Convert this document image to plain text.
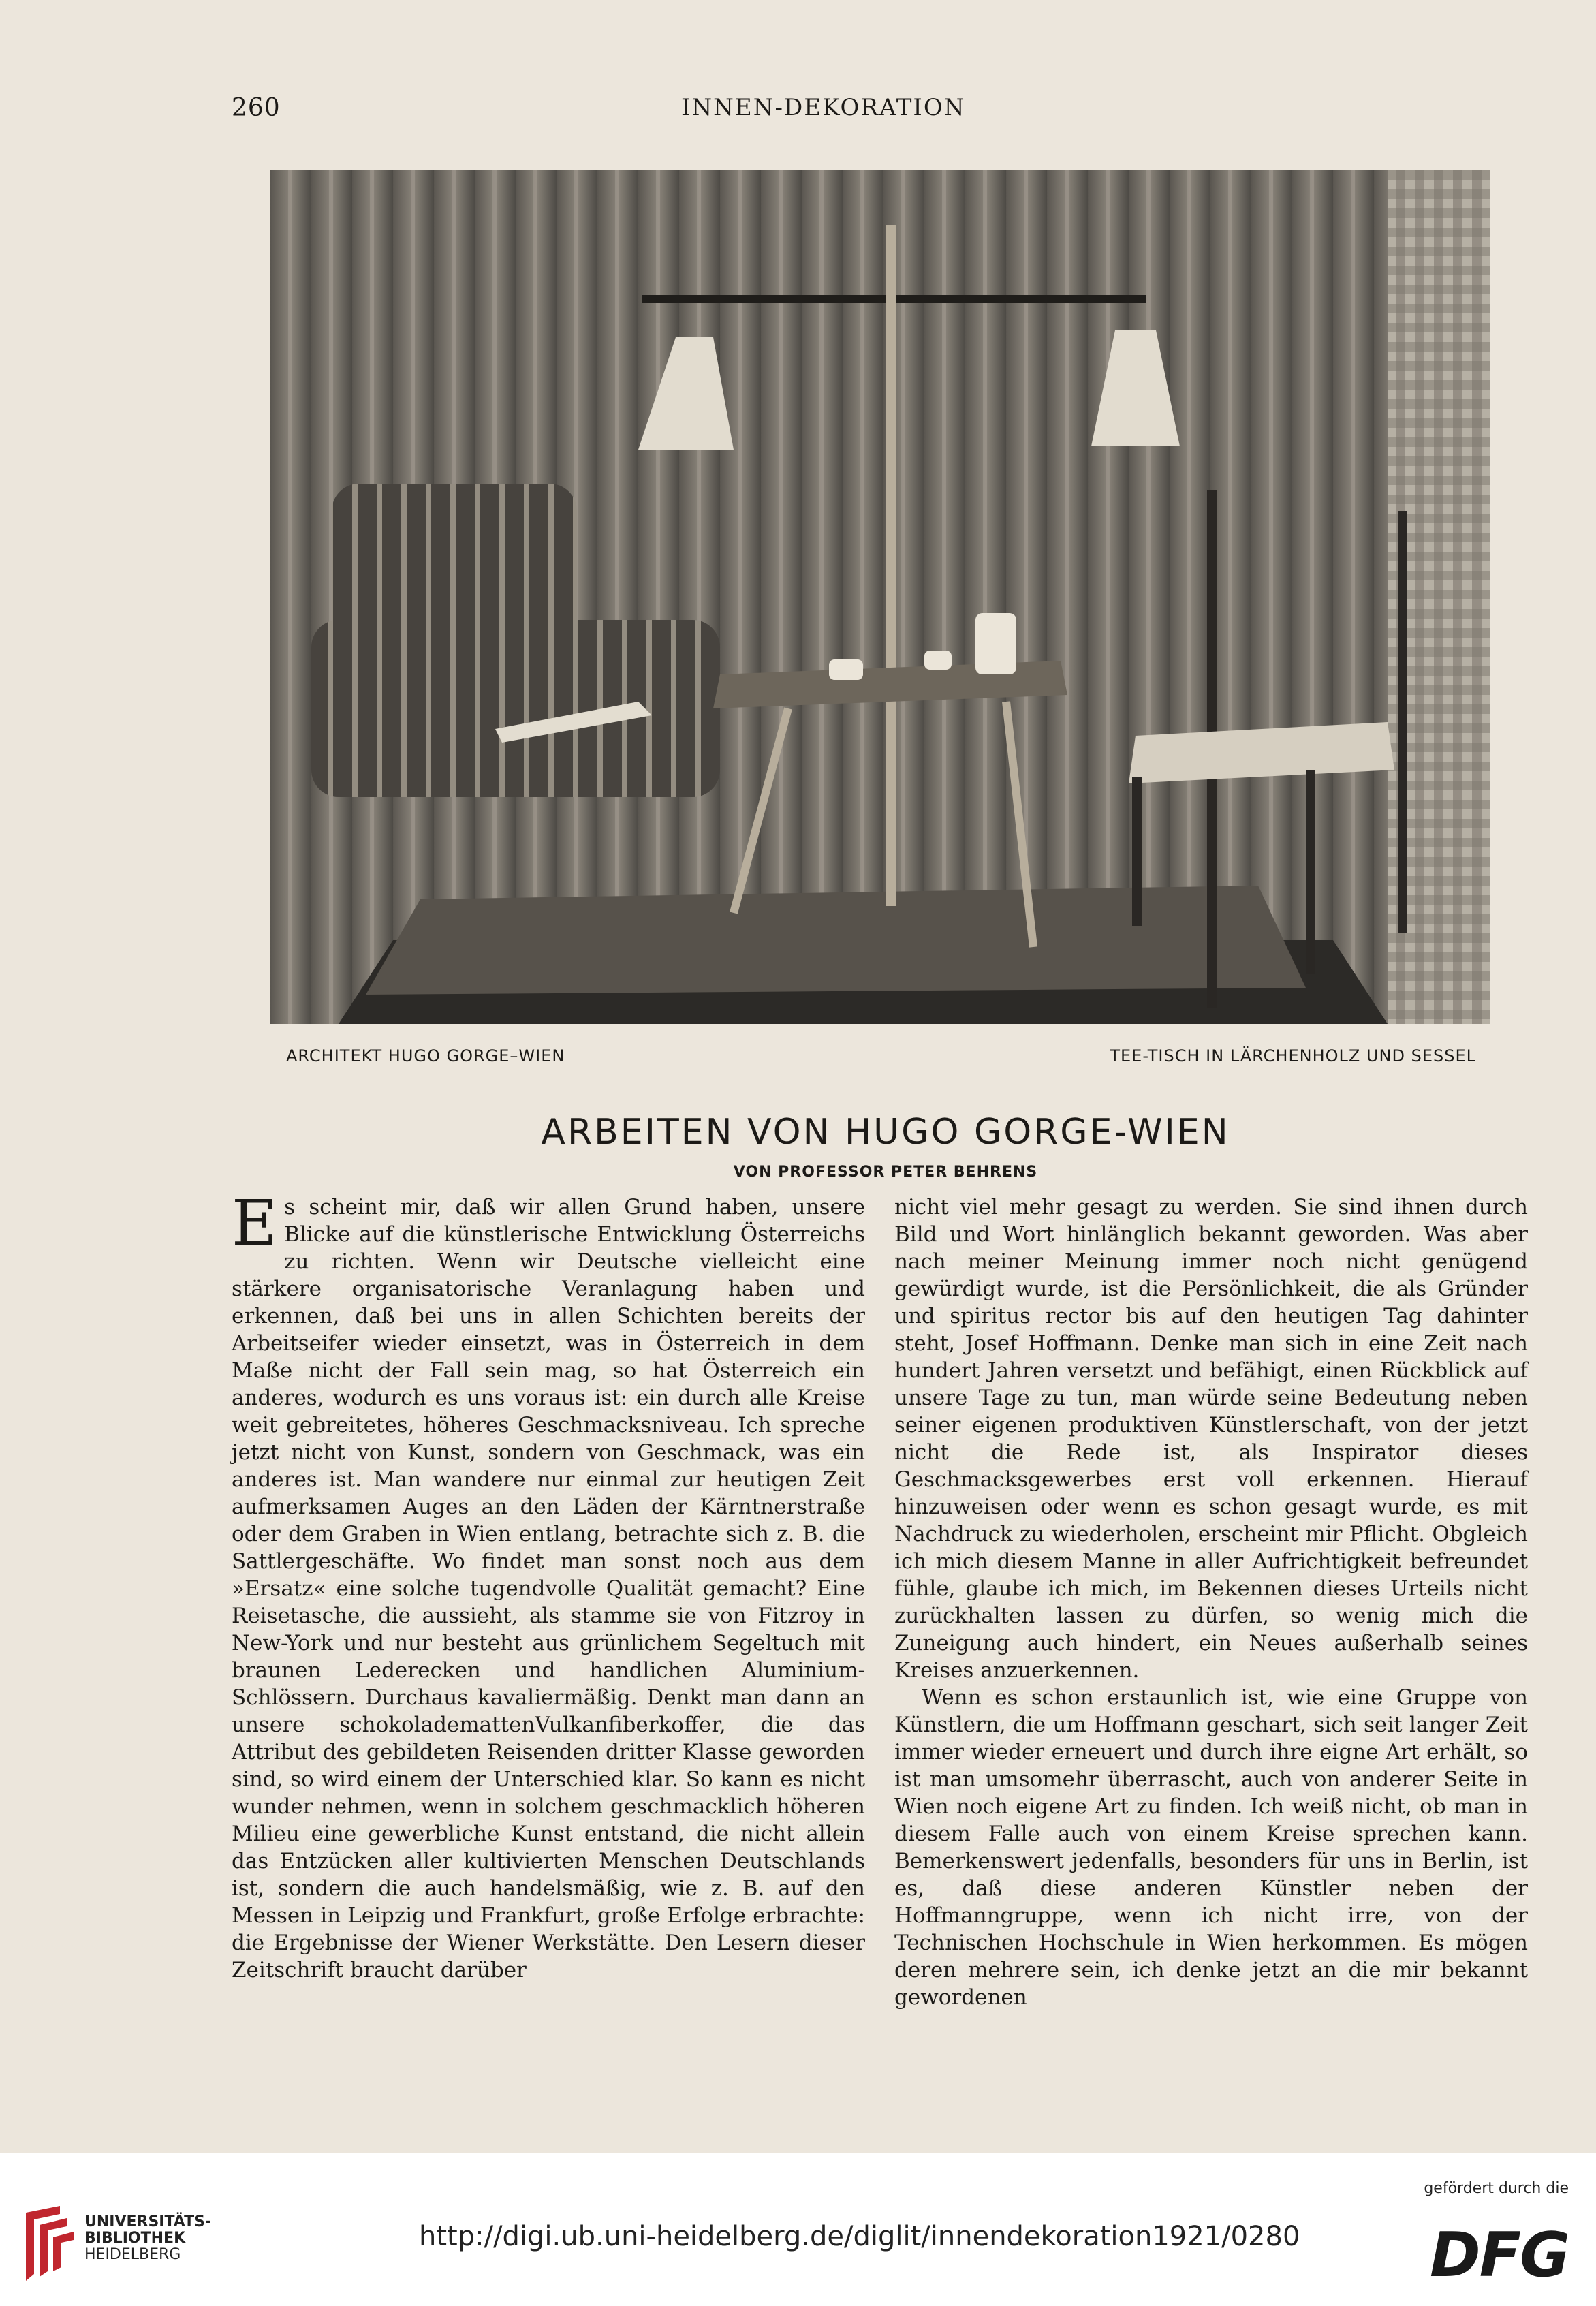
260	INNEN-DEKORATION
ARCHITEKT HUGO GORGE–WIEN	TEE-TISCH IN LÄRCHENHOLZ UND SESSEL
ARBEITEN VON HUGO GORGE-WIEN
VON PROFESSOR PETER BEHRENS

Es scheint mir, daß wir allen Grund haben, unsere Blicke auf die künstlerische Entwicklung Österreichs zu richten. Wenn wir Deutsche vielleicht eine stärkere organisatorische Veranlagung haben und erkennen, daß bei uns in allen Schichten bereits der Arbeitseifer wieder einsetzt, was in Österreich in dem Maße nicht der Fall sein mag, so hat Österreich ein anderes, wodurch es uns voraus ist: ein durch alle Kreise weit gebreitetes, höheres Geschmacksniveau. Ich spreche jetzt nicht von Kunst, sondern von Geschmack, was ein anderes ist. Man wandere nur einmal zur heutigen Zeit aufmerksamen Auges an den Läden der Kärntnerstraße oder dem Graben in Wien entlang, betrachte sich z. B. die Sattlergeschäfte. Wo findet man sonst noch aus dem »Ersatz« eine solche tugendvolle Qualität gemacht? Eine Reisetasche, die aussieht, als stamme sie von Fitzroy in New-York und nur besteht aus grünlichem Segeltuch mit braunen Lederecken und handlichen Aluminium-Schlössern. Durchaus kavaliermäßig. Denkt man dann an unsere schokolademattenVulkanfiberkoffer, die das Attribut des gebildeten Reisenden dritter Klasse geworden sind, so wird einem der Unterschied klar. So kann es nicht wunder nehmen, wenn in solchem geschmacklich höheren Milieu eine gewerbliche Kunst entstand, die nicht allein das Entzücken aller kultivierten Menschen Deutschlands ist, sondern die auch handelsmäßig, wie z. B. auf den Messen in Leipzig und Frankfurt, große Erfolge erbrachte: die Ergebnisse der Wiener Werkstätte. Den Lesern dieser Zeitschrift braucht darüber

nicht viel mehr gesagt zu werden. Sie sind ihnen durch Bild und Wort hinlänglich bekannt geworden. Was aber nach meiner Meinung immer noch nicht genügend gewürdigt wurde, ist die Persönlichkeit, die als Gründer und spiritus rector bis auf den heutigen Tag dahinter steht, Josef Hoffmann. Denke man sich in eine Zeit nach hundert Jahren versetzt und befähigt, einen Rückblick auf unsere Tage zu tun, man würde seine Bedeutung neben seiner eigenen produktiven Künstlerschaft, von der jetzt nicht die Rede ist, als Inspirator dieses Geschmacksgewerbes erst voll erkennen. Hierauf hinzuweisen oder wenn es schon gesagt wurde, es mit Nachdruck zu wiederholen, erscheint mir Pflicht. Obgleich ich mich diesem Manne in aller Aufrichtigkeit befreundet fühle, glaube ich mich, im Bekennen dieses Urteils nicht zurückhalten lassen zu dürfen, so wenig mich die Zuneigung auch hindert, ein Neues außerhalb seines Kreises anzuerkennen.

Wenn es schon erstaunlich ist, wie eine Gruppe von Künstlern, die um Hoffmann geschart, sich seit langer Zeit immer wieder erneuert und durch ihre eigne Art erhält, so ist man umsomehr überrascht, auch von anderer Seite in Wien noch eigene Art zu finden. Ich weiß nicht, ob man in diesem Falle auch von einem Kreise sprechen kann. Bemerkenswert jedenfalls, besonders für uns in Berlin, ist es, daß diese anderen Künstler neben der Hoffmanngruppe, wenn ich nicht irre, von der Technischen Hochschule in Wien herkommen. Es mögen deren mehrere sein, ich denke jetzt an die mir bekannt gewordenen

UNIVERSITÄTS-
BIBLIOTHEK
HEIDELBERG
http://digi.ub.uni-heidelberg.de/diglit/innendekoration1921/0280
gefördert durch die
DFG
